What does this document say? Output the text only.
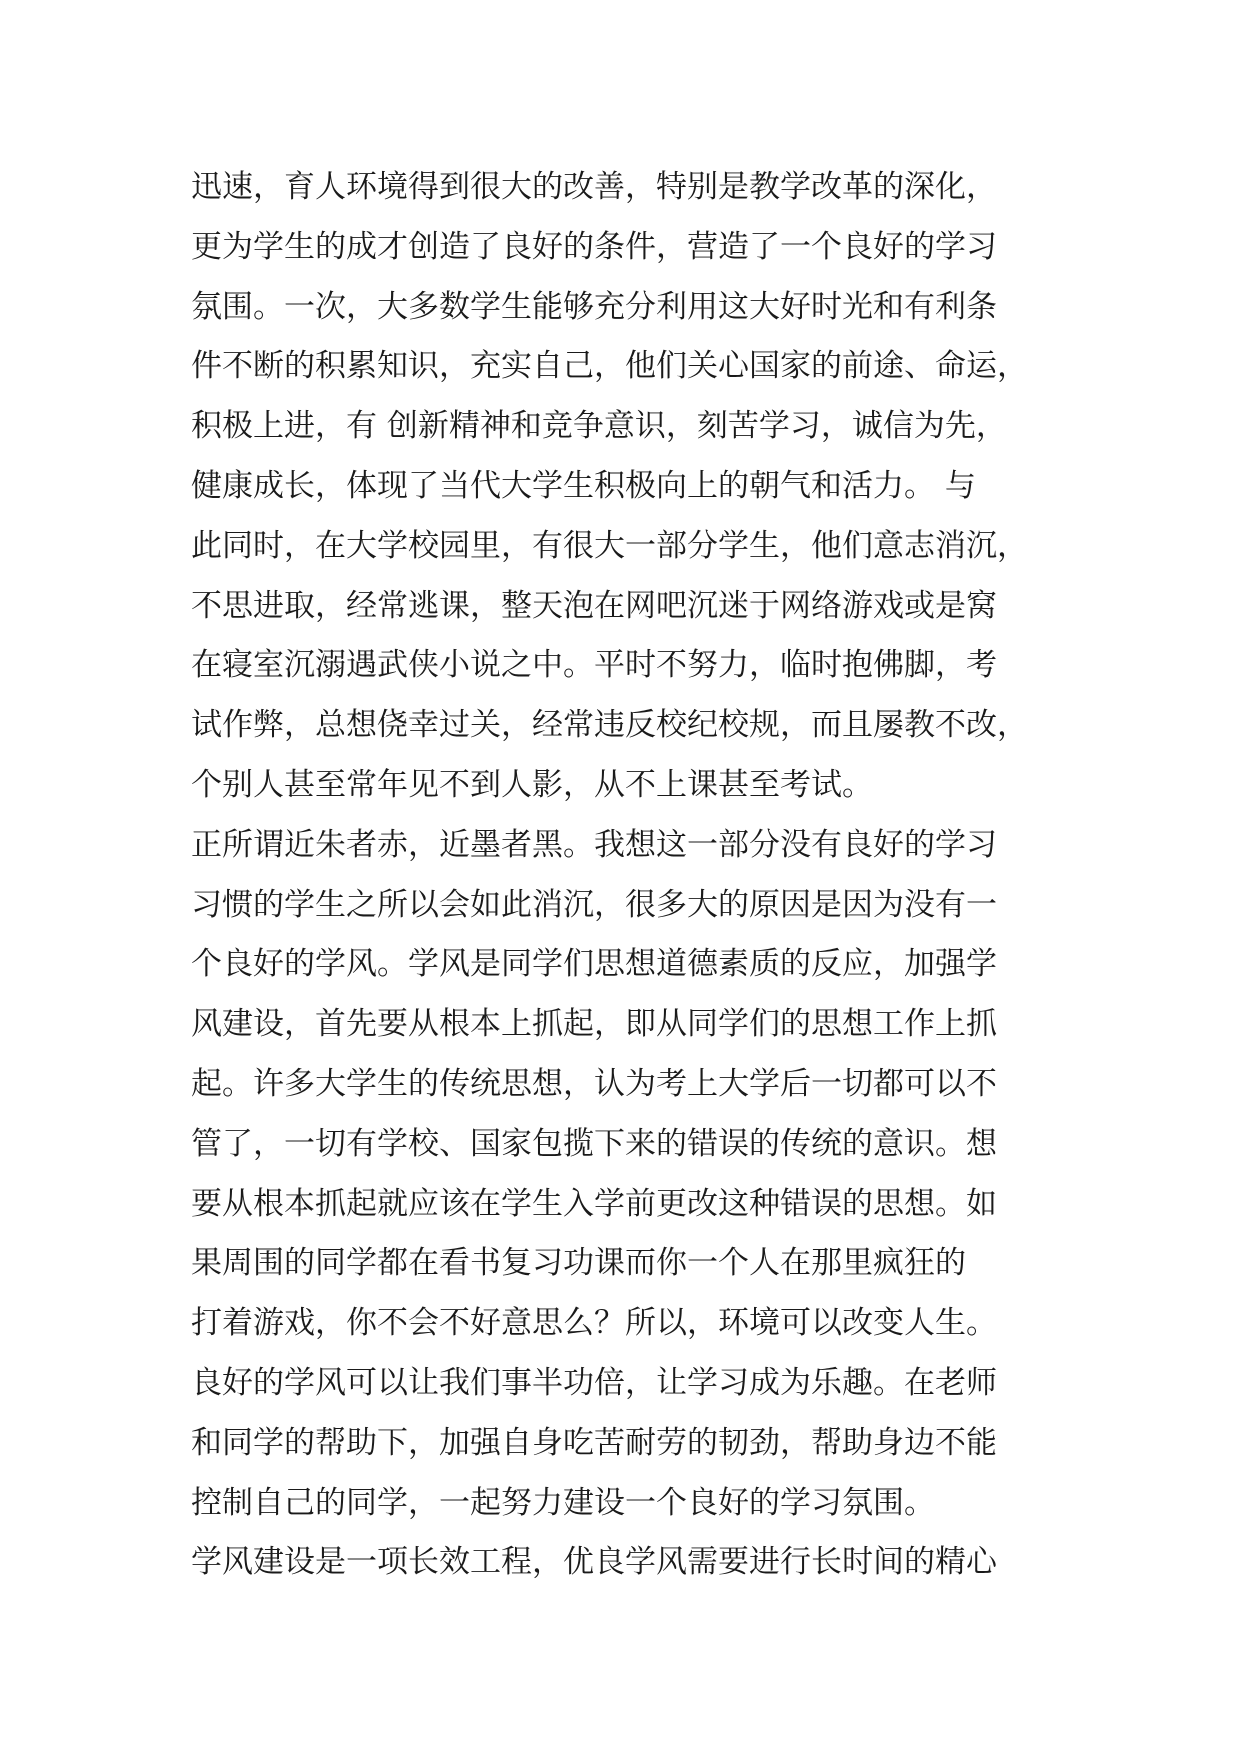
迅速，育人环境得到很大的改善，特别是教学改革的深化，
更为学生的成才创造了良好的条件，营造了一个良好的学习
氛围。一次，大多数学生能够充分利用这大好时光和有利条
件不断的积累知识，充实自己，他们关心国家的前途、命运，
积极上进，有 创新精神和竞争意识，刻苦学习，诚信为先，
健康成长，体现了当代大学生积极向上的朝气和活力。 与
此同时，在大学校园里，有很大一部分学生，他们意志消沉，
不思进取，经常逃课，整天泡在网吧沉迷于网络游戏或是窝
在寝室沉溺遇武侠小说之中。平时不努力，临时抱佛脚，考
试作弊，总想侥幸过关，经常违反校纪校规，而且屡教不改，
个别人甚至常年见不到人影，从不上课甚至考试。
正所谓近朱者赤，近墨者黑。我想这一部分没有良好的学习
习惯的学生之所以会如此消沉，很多大的原因是因为没有一
个良好的学风。学风是同学们思想道德素质的反应，加强学
风建设，首先要从根本上抓起，即从同学们的思想工作上抓
起。许多大学生的传统思想，认为考上大学后一切都可以不
管了，一切有学校、国家包揽下来的错误的传统的意识。想
要从根本抓起就应该在学生入学前更改这种错误的思想。如
果周围的同学都在看书复习功课而你一个人在那里疯狂的
打着游戏，你不会不好意思么？所以，环境可以改变人生。
良好的学风可以让我们事半功倍，让学习成为乐趣。在老师
和同学的帮助下，加强自身吃苦耐劳的韧劲，帮助身边不能
控制自己的同学，一起努力建设一个良好的学习氛围。
学风建设是一项长效工程，优良学风需要进行长时间的精心
